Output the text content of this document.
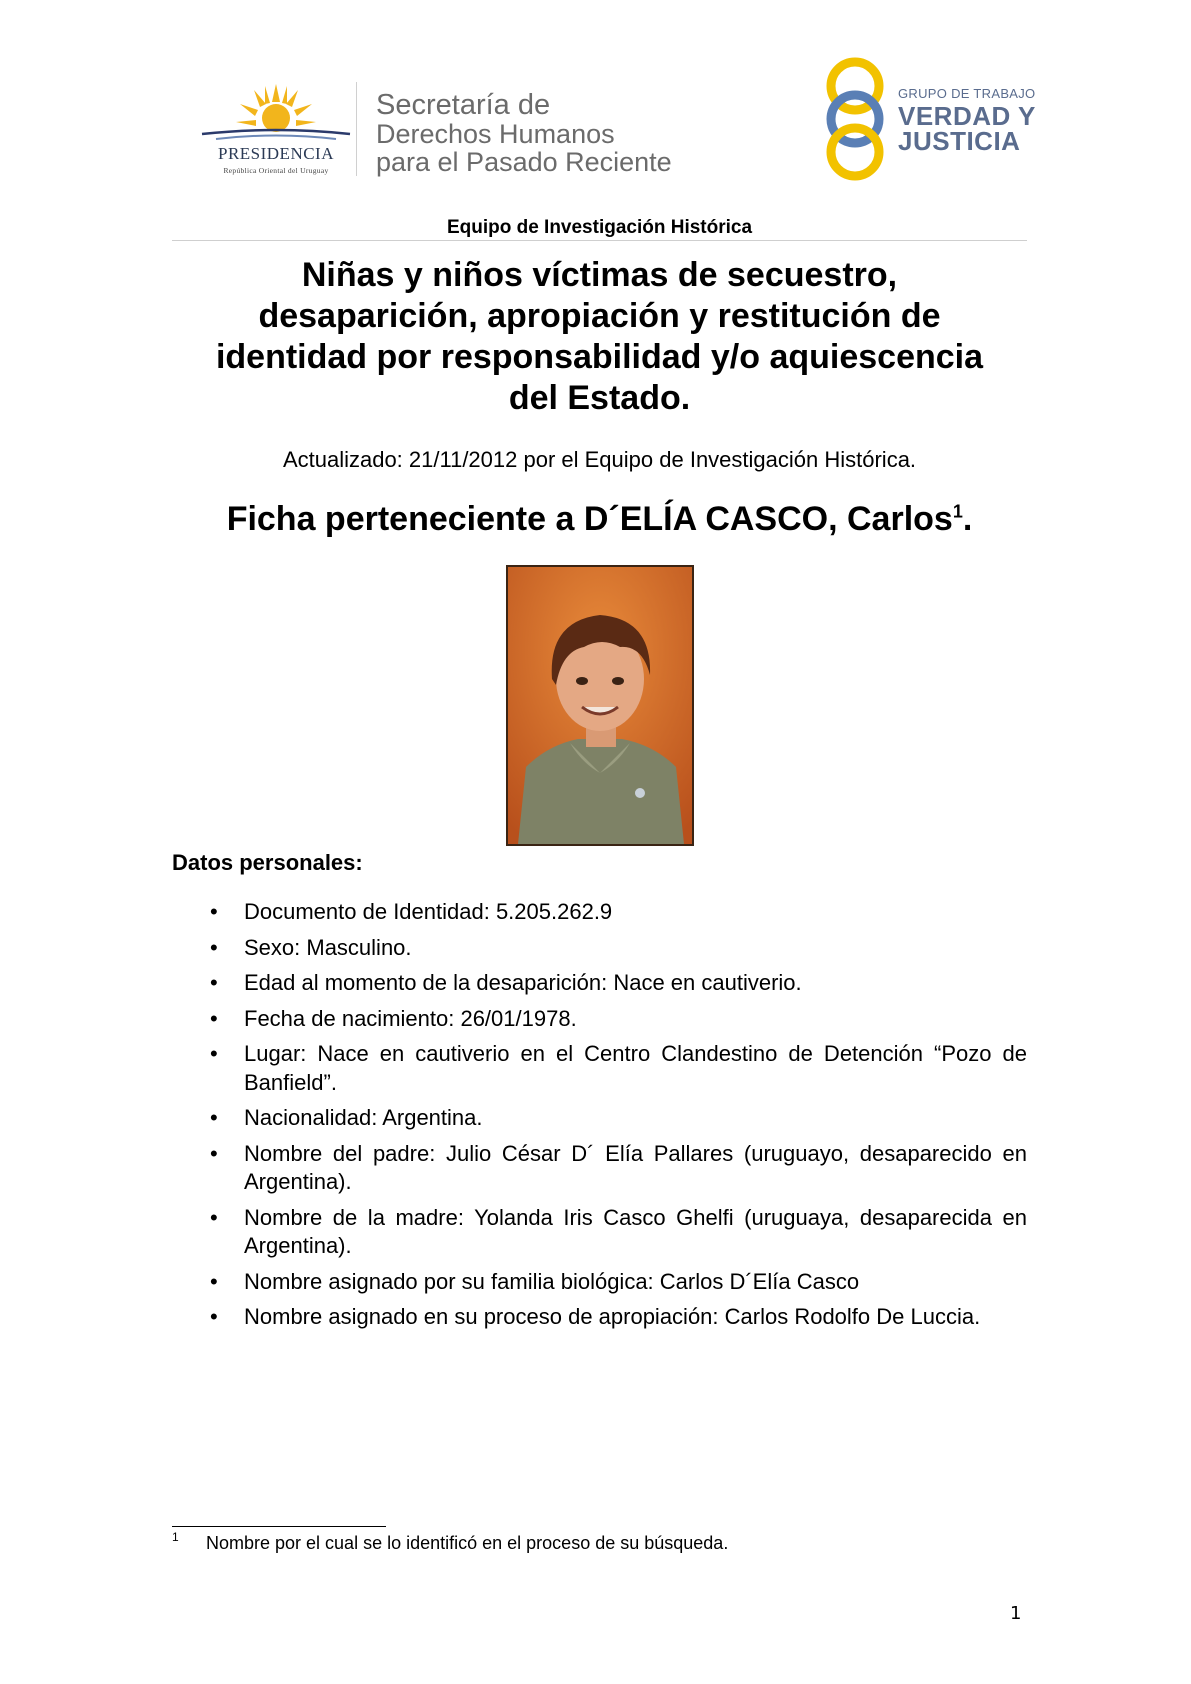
PRESIDENCIA
República Oriental del Uruguay
Secretaría de
Derechos Humanos
para el Pasado Reciente
GRUPO DE TRABAJO
VERDAD Y
JUSTICIA
Equipo de Investigación Histórica
Niñas y niños víctimas de secuestro,
desaparición, apropiación y restitución de
identidad por responsabilidad y/o aquiescencia
del Estado.
Actualizado: 21/11/2012 por el Equipo de Investigación Histórica.
Ficha perteneciente a D´ELÍA CASCO, Carlos$^1$.
Datos personales:
• Documento de Identidad: 5.205.262.9
• Sexo: Masculino.
• Edad al momento de la desaparición: Nace en cautiverio.
• Fecha de nacimiento: 26/01/1978.
• Lugar: Nace en cautiverio en el Centro Clandestino de Detención “Pozo de Banfield”.
• Nacionalidad: Argentina.
• Nombre del padre: Julio César D´ Elía Pallares (uruguayo, desaparecido en Argentina).
• Nombre de la madre: Yolanda Iris Casco Ghelfi (uruguaya, desaparecida en Argentina).
• Nombre asignado por su familia biológica: Carlos D´Elía Casco
• Nombre asignado en su proceso de apropiación: Carlos Rodolfo De Luccia.
1 Nombre por el cual se lo identificó en el proceso de su búsqueda.
1
